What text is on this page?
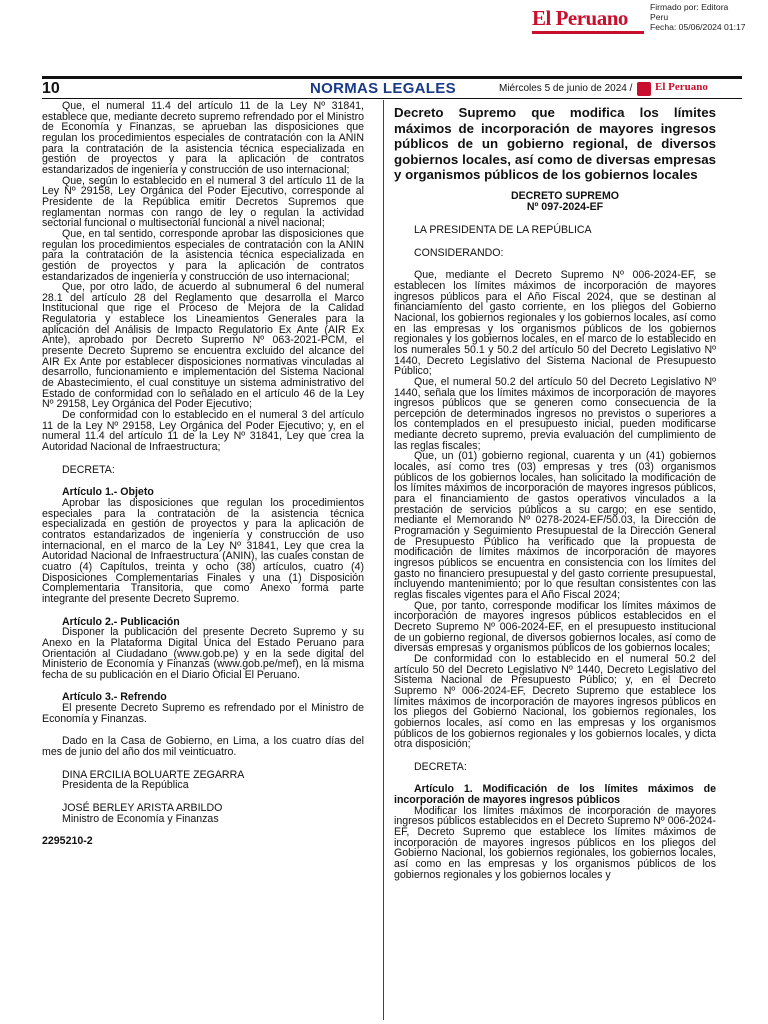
El Peruano	Firmado por: Editora
Peru
Fecha: 05/06/2024 01:17
10	NORMAS LEGALES	Miércoles 5 de junio de 2024 / El Peruano

Que, el numeral 11.4 del artículo 11 de la Ley Nº 31841, establece que, mediante decreto supremo refrendado por el Ministro de Economía y Finanzas, se aprueban las disposiciones que regulan los procedimientos especiales de contratación con la ANIN para la contratación de la asistencia técnica especializada en gestión de proyectos y para la aplicación de contratos estandarizados de ingeniería y construcción de uso internacional;

Que, según lo establecido en el numeral 3 del artículo 11 de la Ley Nº 29158, Ley Orgánica del Poder Ejecutivo, corresponde al Presidente de la República emitir Decretos Supremos que reglamentan normas con rango de ley o regulan la actividad sectorial funcional o multisectorial funcional a nivel nacional;

Que, en tal sentido, corresponde aprobar las disposiciones que regulan los procedimientos especiales de contratación con la ANIN para la contratación de la asistencia técnica especializada en gestión de proyectos y para la aplicación de contratos estandarizados de ingeniería y construcción de uso internacional;

Que, por otro lado, de acuerdo al subnumeral 6 del numeral 28.1 del artículo 28 del Reglamento que desarrolla el Marco Institucional que rige el Proceso de Mejora de la Calidad Regulatoria y establece los Lineamientos Generales para la aplicación del Análisis de Impacto Regulatorio Ex Ante (AIR Ex Ante), aprobado por Decreto Supremo Nº 063-2021-PCM, el presente Decreto Supremo se encuentra excluido del alcance del AIR Ex Ante por establecer disposiciones normativas vinculadas al desarrollo, funcionamiento e implementación del Sistema Nacional de Abastecimiento, el cual constituye un sistema administrativo del Estado de conformidad con lo señalado en el artículo 46 de la Ley Nº 29158, Ley Orgánica del Poder Ejecutivo;

De conformidad con lo establecido en el numeral 3 del artículo 11 de la Ley Nº 29158, Ley Orgánica del Poder Ejecutivo; y, en el numeral 11.4 del artículo 11 de la Ley Nº 31841, Ley que crea la Autoridad Nacional de Infraestructura;

DECRETA:

Artículo 1.- Objeto

Aprobar las disposiciones que regulan los procedimientos especiales para la contratación de la asistencia técnica especializada en gestión de proyectos y para la aplicación de contratos estandarizados de ingeniería y construcción de uso internacional, en el marco de la Ley Nº 31841, Ley que crea la Autoridad Nacional de Infraestructura (ANIN), las cuales constan de cuatro (4) Capítulos, treinta y ocho (38) artículos, cuatro (4) Disposiciones Complementarias Finales y una (1) Disposición Complementaria Transitoria, que como Anexo forma parte integrante del presente Decreto Supremo.

Artículo 2.- Publicación

Disponer la publicación del presente Decreto Supremo y su Anexo en la Plataforma Digital Única del Estado Peruano para Orientación al Ciudadano (www.gob.pe) y en la sede digital del Ministerio de Economía y Finanzas (www.gob.pe/mef), en la misma fecha de su publicación en el Diario Oficial El Peruano.

Artículo 3.- Refrendo

El presente Decreto Supremo es refrendado por el Ministro de Economía y Finanzas.

Dado en la Casa de Gobierno, en Lima, a los cuatro días del mes de junio del año dos mil veinticuatro.

DINA ERCILIA BOLUARTE ZEGARRA

Presidenta de la República

JOSÉ BERLEY ARISTA ARBILDO

Ministro de Economía y Finanzas

2295210-2

Decreto Supremo que modifica los límites máximos de incorporación de mayores ingresos públicos de un gobierno regional, de diversos gobiernos locales, así como de diversas empresas y organismos públicos de los gobiernos locales

DECRETO SUPREMO

Nº 097-2024-EF

LA PRESIDENTA DE LA REPÚBLICA

CONSIDERANDO:

Que, mediante el Decreto Supremo Nº 006-2024-EF, se establecen los límites máximos de incorporación de mayores ingresos públicos para el Año Fiscal 2024, que se destinan al financiamiento del gasto corriente, en los pliegos del Gobierno Nacional, los gobiernos regionales y los gobiernos locales, así como en las empresas y los organismos públicos de los gobiernos regionales y los gobiernos locales, en el marco de lo establecido en los numerales 50.1 y 50.2 del artículo 50 del Decreto Legislativo Nº 1440, Decreto Legislativo del Sistema Nacional de Presupuesto Público;

Que, el numeral 50.2 del artículo 50 del Decreto Legislativo Nº 1440, señala que los límites máximos de incorporación de mayores ingresos públicos que se generen como consecuencia de la percepción de determinados ingresos no previstos o superiores a los contemplados en el presupuesto inicial, pueden modificarse mediante decreto supremo, previa evaluación del cumplimiento de las reglas fiscales;

Que, un (01) gobierno regional, cuarenta y un (41) gobiernos locales, así como tres (03) empresas y tres (03) organismos públicos de los gobiernos locales, han solicitado la modificación de los límites máximos de incorporación de mayores ingresos públicos, para el financiamiento de gastos operativos vinculados a la prestación de servicios públicos a su cargo; en ese sentido, mediante el Memorando Nº 0278-2024-EF/50.03, la Dirección de Programación y Seguimiento Presupuestal de la Dirección General de Presupuesto Público ha verificado que la propuesta de modificación de límites máximos de incorporación de mayores ingresos públicos se encuentra en consistencia con los límites del gasto no financiero presupuestal y del gasto corriente presupuestal, incluyendo mantenimiento; por lo que resultan consistentes con las reglas fiscales vigentes para el Año Fiscal 2024;

Que, por tanto, corresponde modificar los límites máximos de incorporación de mayores ingresos públicos establecidos en el Decreto Supremo Nº 006-2024-EF, en el presupuesto institucional de un gobierno regional, de diversos gobiernos locales, así como de diversas empresas y organismos públicos de los gobiernos locales;

De conformidad con lo establecido en el numeral 50.2 del artículo 50 del Decreto Legislativo Nº 1440, Decreto Legislativo del Sistema Nacional de Presupuesto Público; y, en el Decreto Supremo Nº 006-2024-EF, Decreto Supremo que establece los límites máximos de incorporación de mayores ingresos públicos en los pliegos del Gobierno Nacional, los gobiernos regionales, los gobiernos locales, así como en las empresas y los organismos públicos de los gobiernos regionales y los gobiernos locales, y dicta otra disposición;

DECRETA:

Artículo 1. Modificación de los límites máximos de incorporación de mayores ingresos públicos

Modificar los límites máximos de incorporación de mayores ingresos públicos establecidos en el Decreto Supremo Nº 006-2024-EF, Decreto Supremo que establece los límites máximos de incorporación de mayores ingresos públicos en los pliegos del Gobierno Nacional, los gobiernos regionales, los gobiernos locales, así como en las empresas y los organismos públicos de los gobiernos regionales y los gobiernos locales y
